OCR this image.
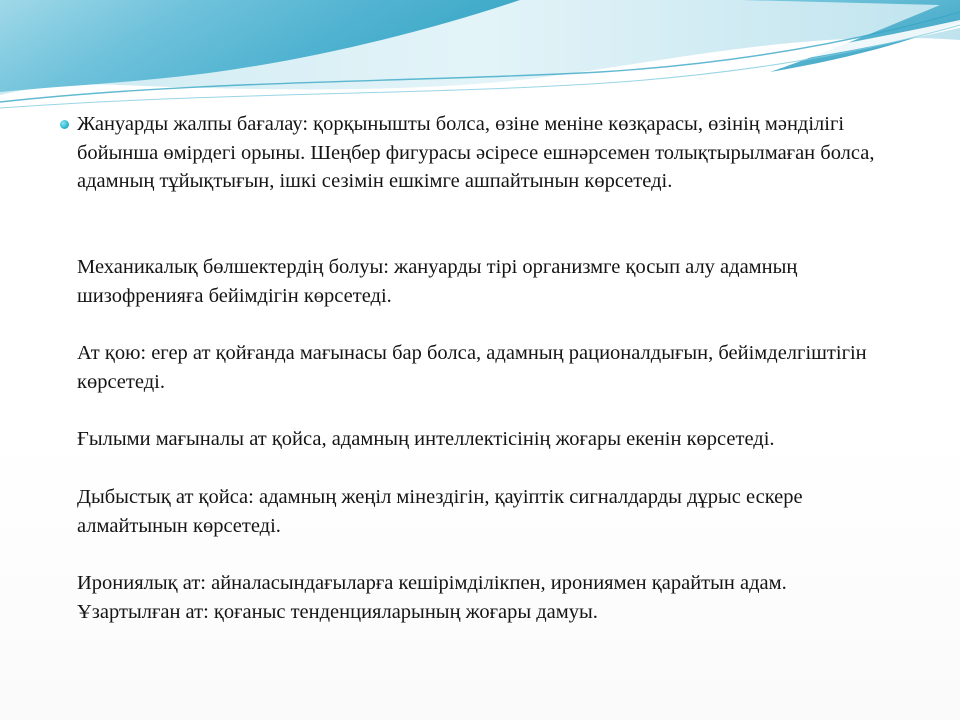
Жануарды жалпы бағалау: қорқынышты болса, өзіне меніне көзқарасы, өзінің мәнділігі бойынша өмірдегі орыны. Шеңбер фигурасы әсіресе ешнәрсемен толықтырылмаған болса, адамның тұйықтығын, ішкі сезімін ешкімге ашпайтынын көрсетеді.

Механикалық бөлшектердің болуы: жануарды тірі организмге қосып алу адамның шизофренияға бейімдігін көрсетеді.

Ат қою: егер ат қойғанда мағынасы бар болса, адамның рационалдығын, бейімделгіштігін көрсетеді.

Ғылыми мағыналы ат қойса, адамның интеллектісінің жоғары екенін көрсетеді.

Дыбыстық ат қойса: адамның жеңіл мінездігін, қауіптік сигналдарды дұрыс ескере алмайтынын көрсетеді.

Ирониялық ат: айналасындағыларға кешірімділікпен, ирониямен қарайтын адам.
Ұзартылған ат: қоғаныс тенденцияларының жоғары дамуы.
